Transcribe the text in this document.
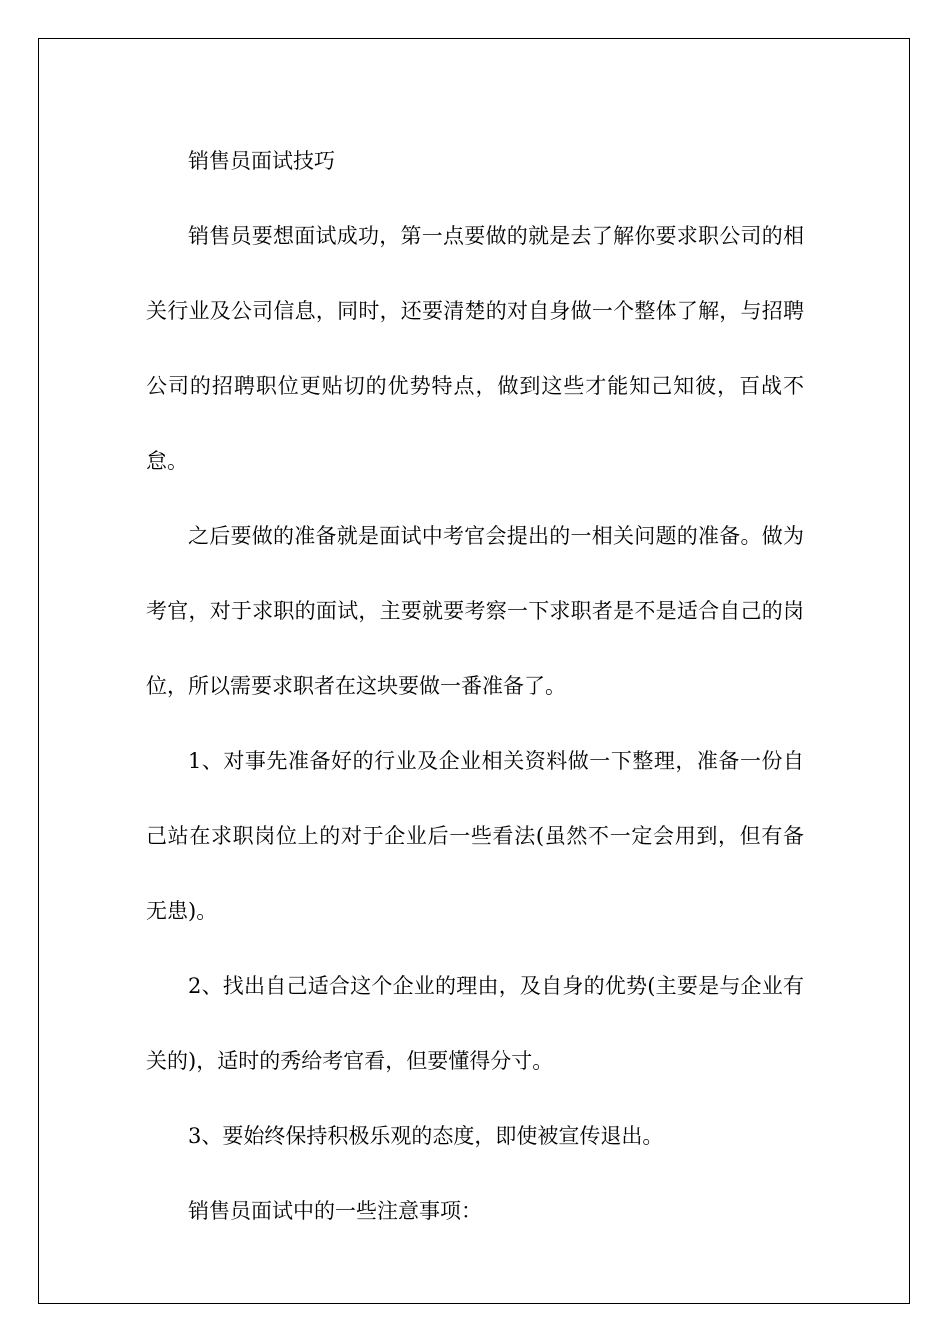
销售员面试技巧

销售员要想面试成功，第一点要做的就是去了解你要求职公司的相关行业及公司信息，同时，还要清楚的对自身做一个整体了解，与招聘公司的招聘职位更贴切的优势特点，做到这些才能知己知彼，百战不怠。

之后要做的准备就是面试中考官会提出的一相关问题的准备。做为考官，对于求职的面试，主要就要考察一下求职者是不是适合自己的岗位，所以需要求职者在这块要做一番准备了。

1、对事先准备好的行业及企业相关资料做一下整理，准备一份自己站在求职岗位上的对于企业后一些看法(虽然不一定会用到，但有备无患)。

2、找出自己适合这个企业的理由，及自身的优势(主要是与企业有关的)，适时的秀给考官看，但要懂得分寸。

3、要始终保持积极乐观的态度，即使被宣传退出。

销售员面试中的一些注意事项：
